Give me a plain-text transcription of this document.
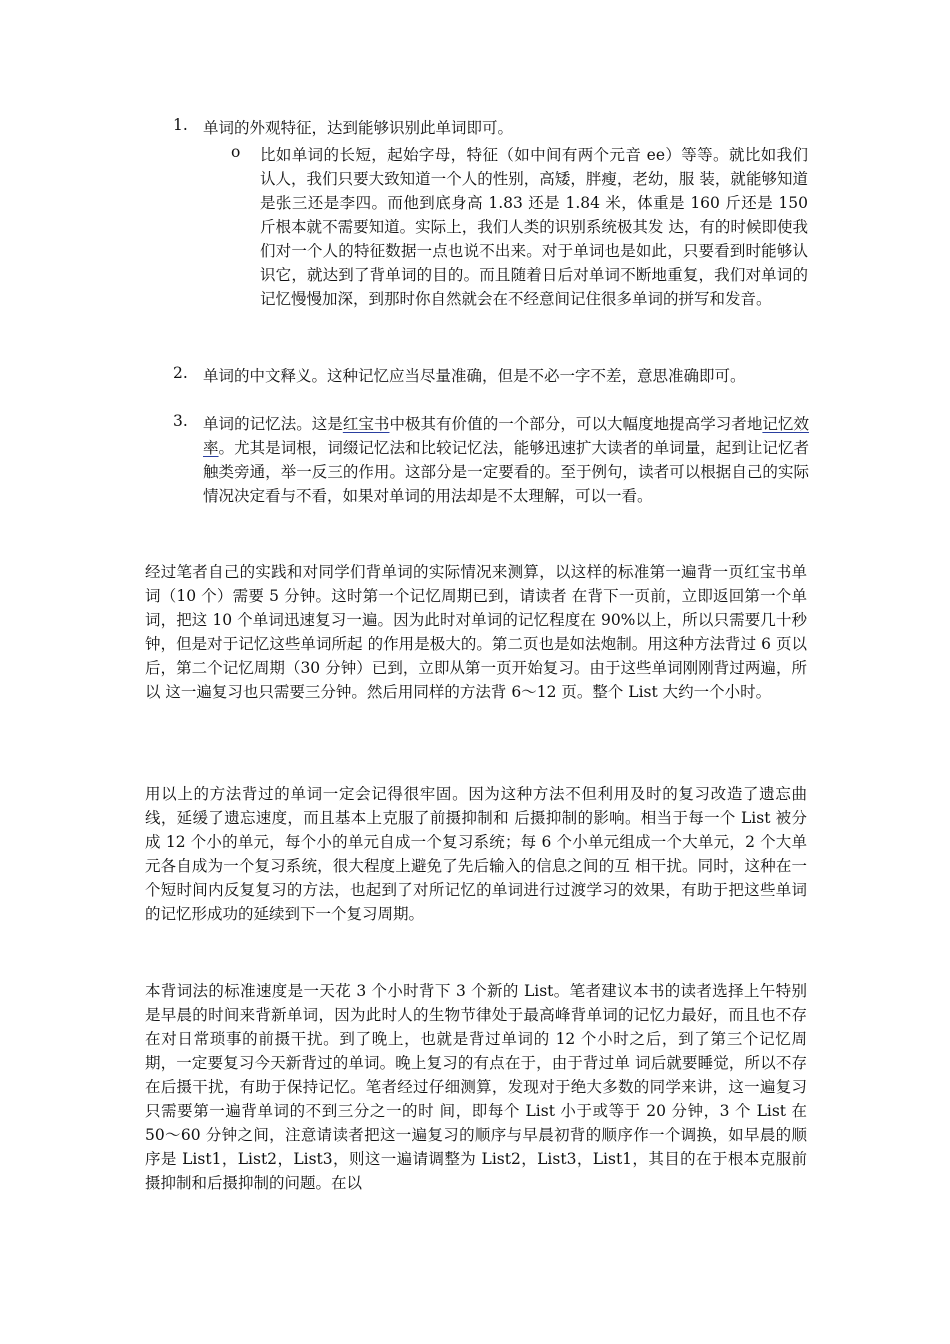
1. 单词的外观特征，达到能够识别此单词即可。
o	比如单词的长短，起始字母，特征（如中间有两个元音 ee）等等。就比如我们认人，我们只要大致知道一个人的性别，高矮，胖瘦，老幼，服 装，就能够知道是张三还是李四。而他到底身高 1.83 还是 1.84 米，体重是 160 斤还是 150 斤根本就不需要知道。实际上，我们人类的识别系统极其发 达，有的时候即使我们对一个人的特征数据一点也说不出来。对于单词也是如此，只要看到时能够认识它，就达到了背单词的目的。而且随着日后对单词不断地重复，我们对单词的记忆慢慢加深，到那时你自然就会在不经意间记住很多单词的拼写和发音。
2. 单词的中文释义。这种记忆应当尽量准确，但是不必一字不差，意思准确即可。
3. 单词的记忆法。这是红宝书中极其有价值的一个部分，可以大幅度地提高学习者地记忆效率。尤其是词根，词缀记忆法和比较记忆法，能够迅速扩大读者的单词量，起到让记忆者触类旁通，举一反三的作用。这部分是一定要看的。至于例句，读者可以根据自己的实际情况决定看与不看，如果对单词的用法却是不太理解，可以一看。

经过笔者自己的实践和对同学们背单词的实际情况来测算，以这样的标准第一遍背一页红宝书单词（10 个）需要 5 分钟。这时第一个记忆周期已到，请读者 在背下一页前，立即返回第一个单词，把这 10 个单词迅速复习一遍。因为此时对单词的记忆程度在 90%以上，所以只需要几十秒钟，但是对于记忆这些单词所起 的作用是极大的。第二页也是如法炮制。用这种方法背过 6 页以后，第二个记忆周期（30 分钟）已到，立即从第一页开始复习。由于这些单词刚刚背过两遍，所以 这一遍复习也只需要三分钟。然后用同样的方法背 6～12 页。整个 List 大约一个小时。

用以上的方法背过的单词一定会记得很牢固。因为这种方法不但利用及时的复习改造了遗忘曲线，延缓了遗忘速度，而且基本上克服了前摄抑制和 后摄抑制的影响。相当于每一个 List 被分成 12 个小的单元，每个小的单元自成一个复习系统；每 6 个小单元组成一个大单元，2 个大单元各自成为一个复习系统，很大程度上避免了先后输入的信息之间的互 相干扰。同时，这种在一个短时间内反复复习的方法，也起到了对所记忆的单词进行过渡学习的效果，有助于把这些单词的记忆形成功的延续到下一个复习周期。

本背词法的标准速度是一天花 3 个小时背下 3 个新的 List。笔者建议本书的读者选择上午特别是早晨的时间来背新单词，因为此时人的生物节律处于最高峰背单词的记忆力最好，而且也不存 在对日常琐事的前摄干扰。到了晚上，也就是背过单词的 12 个小时之后，到了第三个记忆周期，一定要复习今天新背过的单词。晚上复习的有点在于，由于背过单 词后就要睡觉，所以不存在后摄干扰，有助于保持记忆。笔者经过仔细测算，发现对于绝大多数的同学来讲，这一遍复习只需要第一遍背单词的不到三分之一的时 间，即每个 List 小于或等于 20 分钟，3 个 List 在 50～60 分钟之间，注意请读者把这一遍复习的顺序与早晨初背的顺序作一个调换，如早晨的顺序是 List1，List2，List3，则这一遍请调整为 List2，List3，List1，其目的在于根本克服前摄抑制和后摄抑制的问题。在以
